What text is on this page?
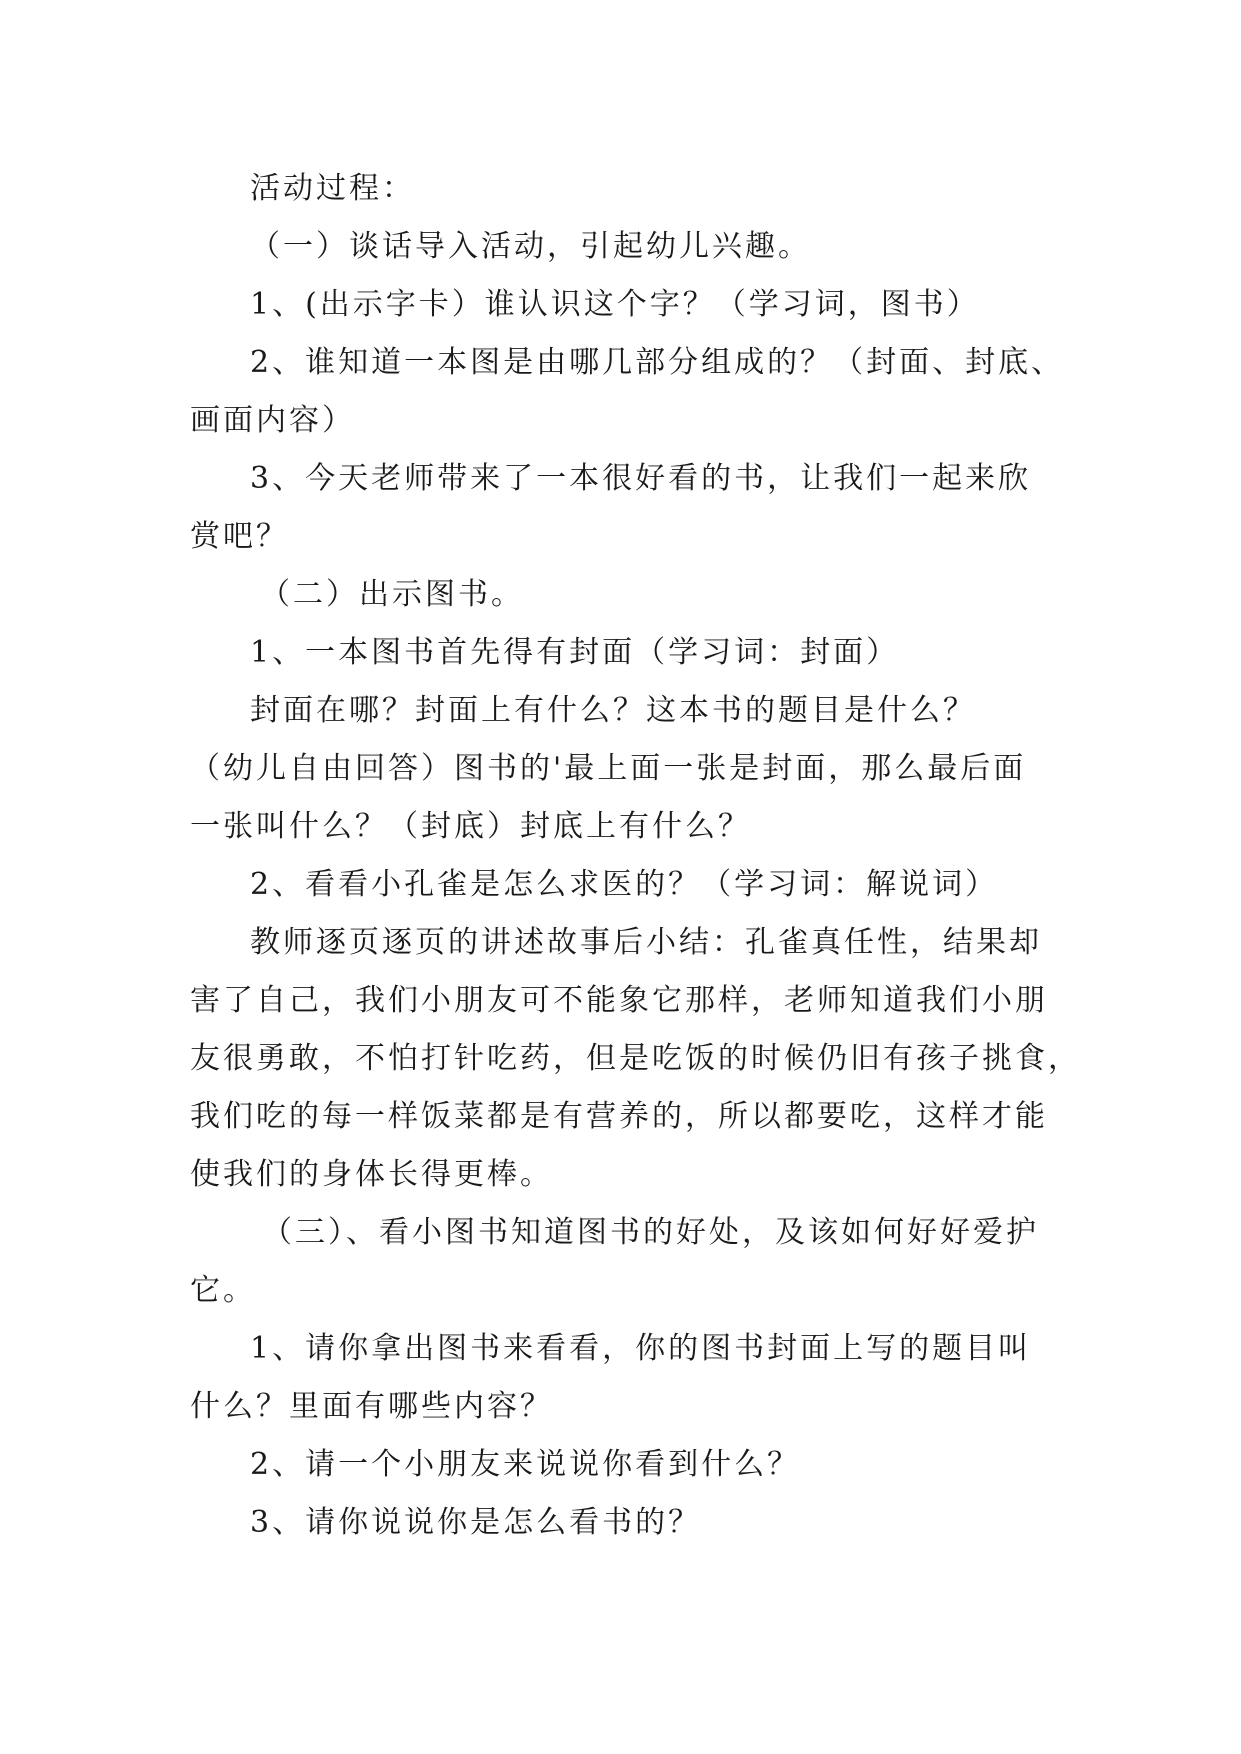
活动过程：

（一）谈话导入活动，引起幼儿兴趣。

1、(出示字卡）谁认识这个字？（学习词，图书）

2、谁知道一本图是由哪几部分组成的？（封面、封底、

画面内容）

3、今天老师带来了一本很好看的书，让我们一起来欣

赏吧？

（二）出示图书。

1、一本图书首先得有封面（学习词：封面）

封面在哪？封面上有什么？这本书的题目是什么？

（幼儿自由回答）图书的'最上面一张是封面，那么最后面

一张叫什么？（封底）封底上有什么？

2、看看小孔雀是怎么求医的？（学习词：解说词）

教师逐页逐页的讲述故事后小结：孔雀真任性，结果却

害了自己，我们小朋友可不能象它那样，老师知道我们小朋

友很勇敢，不怕打针吃药，但是吃饭的时候仍旧有孩子挑食，

我们吃的每一样饭菜都是有营养的，所以都要吃，这样才能

使我们的身体长得更棒。

（三）、看小图书知道图书的好处，及该如何好好爱护

它。

1、请你拿出图书来看看，你的图书封面上写的题目叫

什么？里面有哪些内容？

2、请一个小朋友来说说你看到什么？

3、请你说说你是怎么看书的？
